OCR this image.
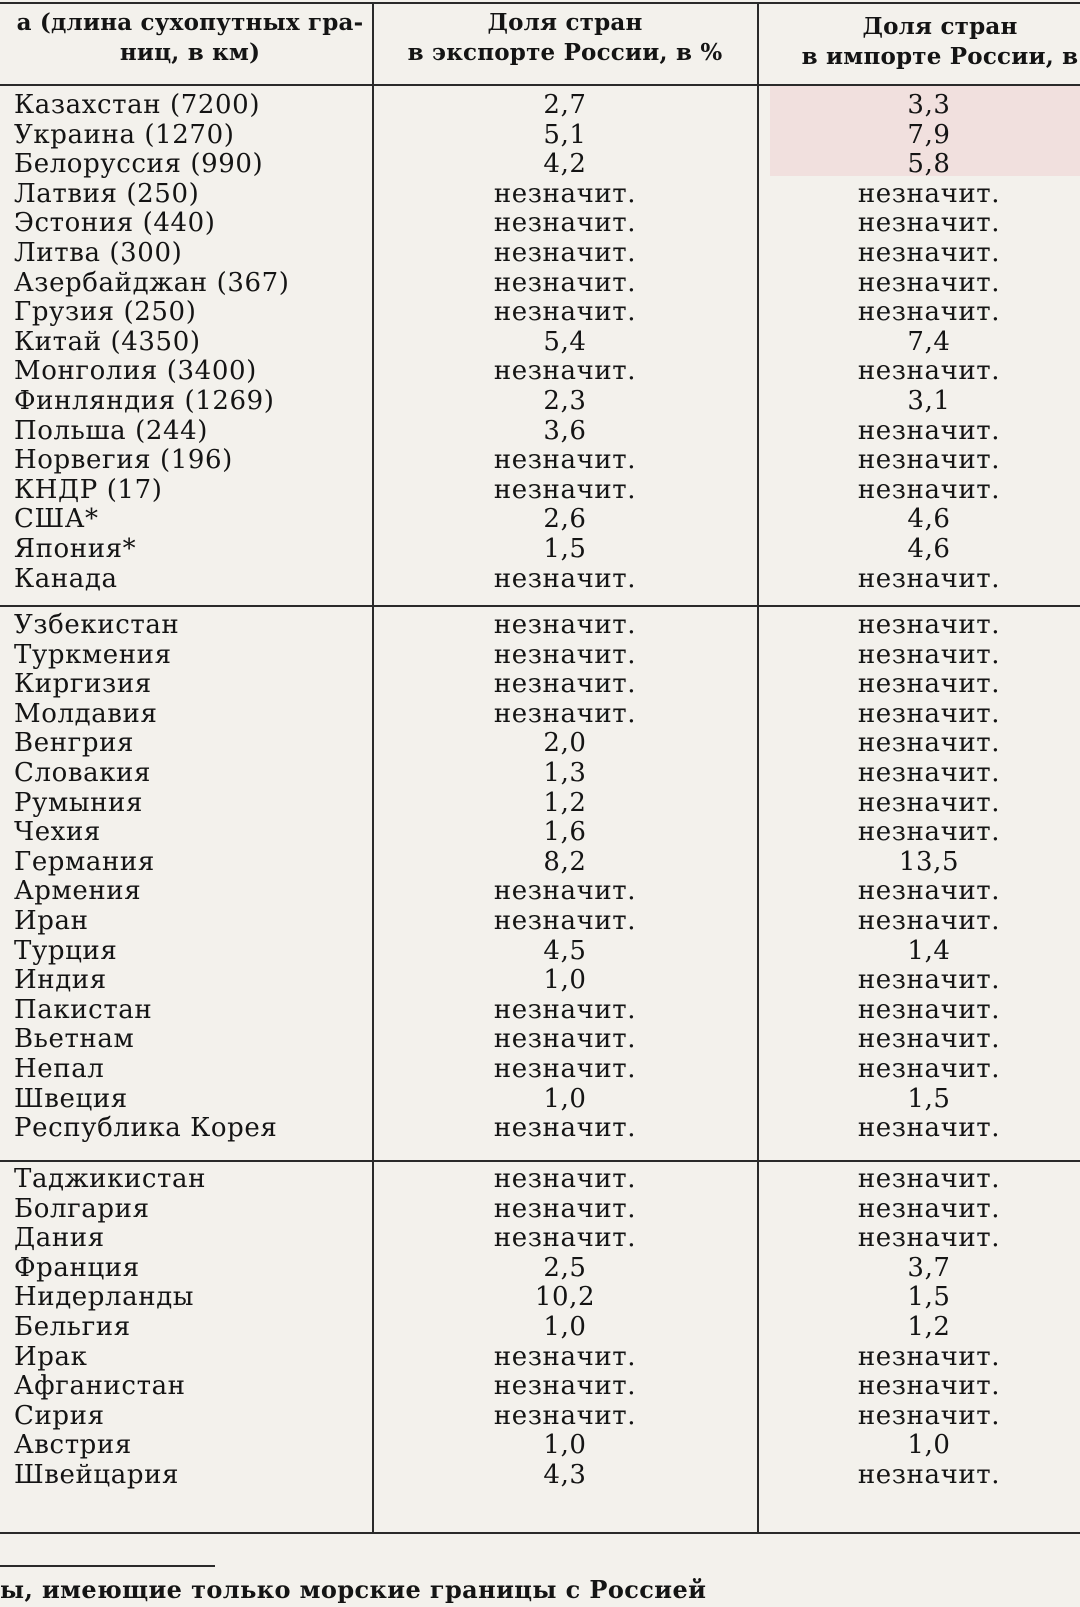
а (длина сухопутных гра-
ниц, в км)
Доля стран
в экспорте России, в %
Доля стран
в импорте России, в
Казахстан (7200)
Украина (1270)
Белоруссия (990)
Латвия (250)
Эстония (440)
Литва (300)
Азербайджан (367)
Грузия (250)
Китай (4350)
Монголия (3400)
Финляндия (1269)
Польша (244)
Норвегия (196)
КНДР (17)
США*
Япония*
Канада
Узбекистан
Туркмения
Киргизия
Молдавия
Венгрия
Словакия
Румыния
Чехия
Германия
Армения
Иран
Турция
Индия
Пакистан
Вьетнам
Непал
Швеция
Республика Корея
Таджикистан
Болгария
Дания
Франция
Нидерланды
Бельгия
Ирак
Афганистан
Сирия
Австрия
Швейцария
2,7
5,1
4,2
незначит.
незначит.
незначит.
незначит.
незначит.
5,4
незначит.
2,3
3,6
незначит.
незначит.
2,6
1,5
незначит.
незначит.
незначит.
незначит.
незначит.
2,0
1,3
1,2
1,6
8,2
незначит.
незначит.
4,5
1,0
незначит.
незначит.
незначит.
1,0
незначит.
незначит.
незначит.
незначит.
2,5
10,2
1,0
незначит.
незначит.
незначит.
1,0
4,3
3,3
7,9
5,8
незначит.
незначит.
незначит.
незначит.
незначит.
7,4
незначит.
3,1
незначит.
незначит.
незначит.
4,6
4,6
незначит.
незначит.
незначит.
незначит.
незначит.
незначит.
незначит.
незначит.
незначит.
13,5
незначит.
незначит.
1,4
незначит.
незначит.
незначит.
незначит.
1,5
незначит.
незначит.
незначит.
незначит.
3,7
1,5
1,2
незначит.
незначит.
незначит.
1,0
незначит.
ы, имеющие только морские границы с Россией
